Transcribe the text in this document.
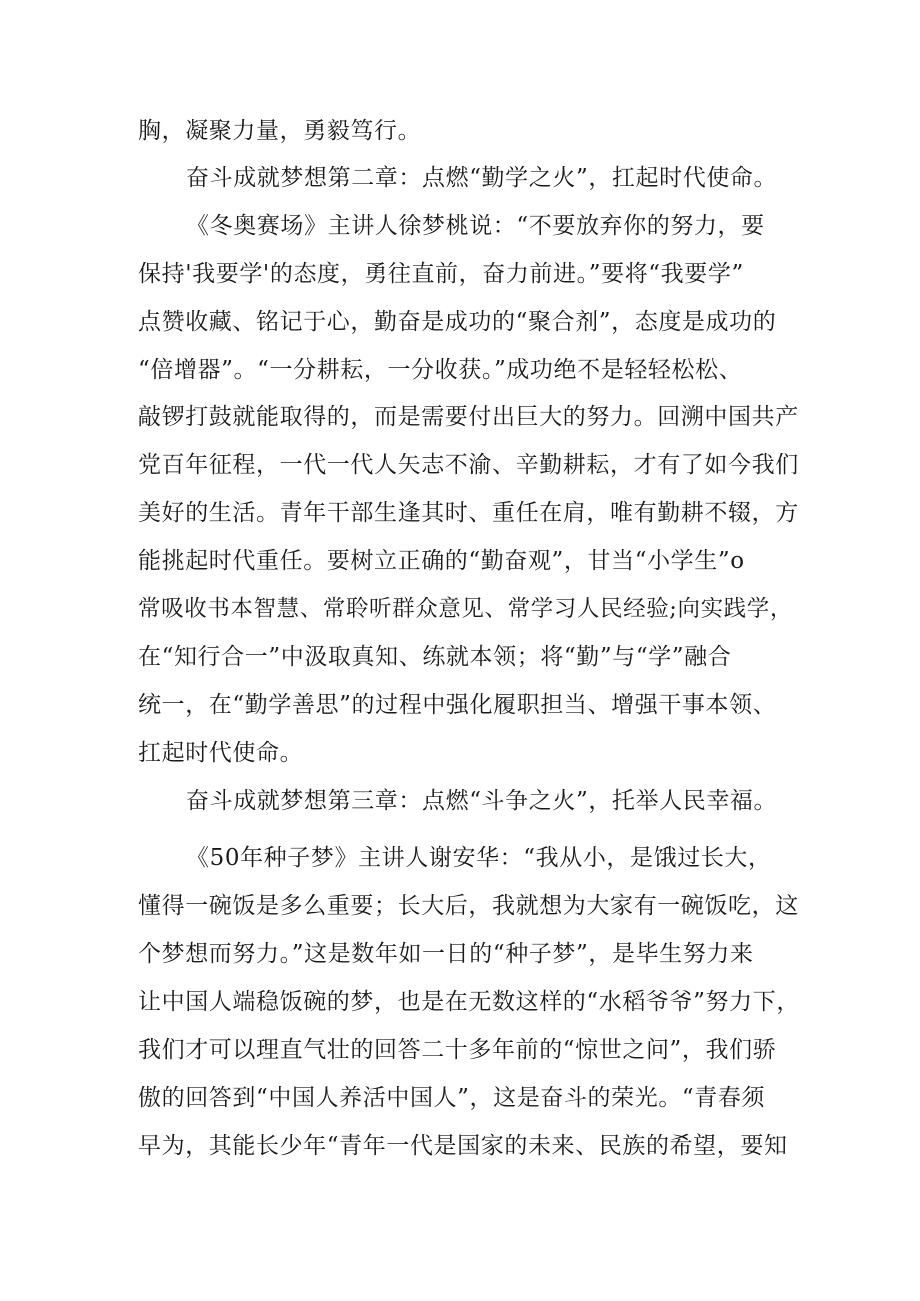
胸，凝聚力量，勇毅笃行。
奋斗成就梦想第二章：点燃“勤学之火”，扛起时代使命。
《冬奥赛场》主讲人徐梦桃说：“不要放弃你的努力，要
保持'我要学'的态度，勇往直前，奋力前进。”要将“我要学”
点赞收藏、铭记于心，勤奋是成功的“聚合剂”，态度是成功的
“倍增器”。“一分耕耘，一分收获。”成功绝不是轻轻松松、
敲锣打鼓就能取得的，而是需要付出巨大的努力。回溯中国共产
党百年征程，一代一代人矢志不渝、辛勤耕耘，才有了如今我们
美好的生活。青年干部生逢其时、重任在肩，唯有勤耕不辍，方
能挑起时代重任。要树立正确的“勤奋观”，甘当“小学生”o
常吸收书本智慧、常聆听群众意见、常学习人民经验;向实践学，
在“知行合一”中汲取真知、练就本领；将“勤”与“学”融合
统一，在“勤学善思”的过程中强化履职担当、增强干事本领、
扛起时代使命。
奋斗成就梦想第三章：点燃“斗争之火”，托举人民幸福。
《50年种子梦》主讲人谢安华：“我从小，是饿过长大，
懂得一碗饭是多么重要；长大后，我就想为大家有一碗饭吃，这
个梦想而努力。”这是数年如一日的“种子梦”，是毕生努力来
让中国人端稳饭碗的梦，也是在无数这样的“水稻爷爷”努力下，
我们才可以理直气壮的回答二十多年前的“惊世之问”，我们骄
傲的回答到“中国人养活中国人”，这是奋斗的荣光。“青春须
早为，其能长少年“青年一代是国家的未来、民族的希望，要知
